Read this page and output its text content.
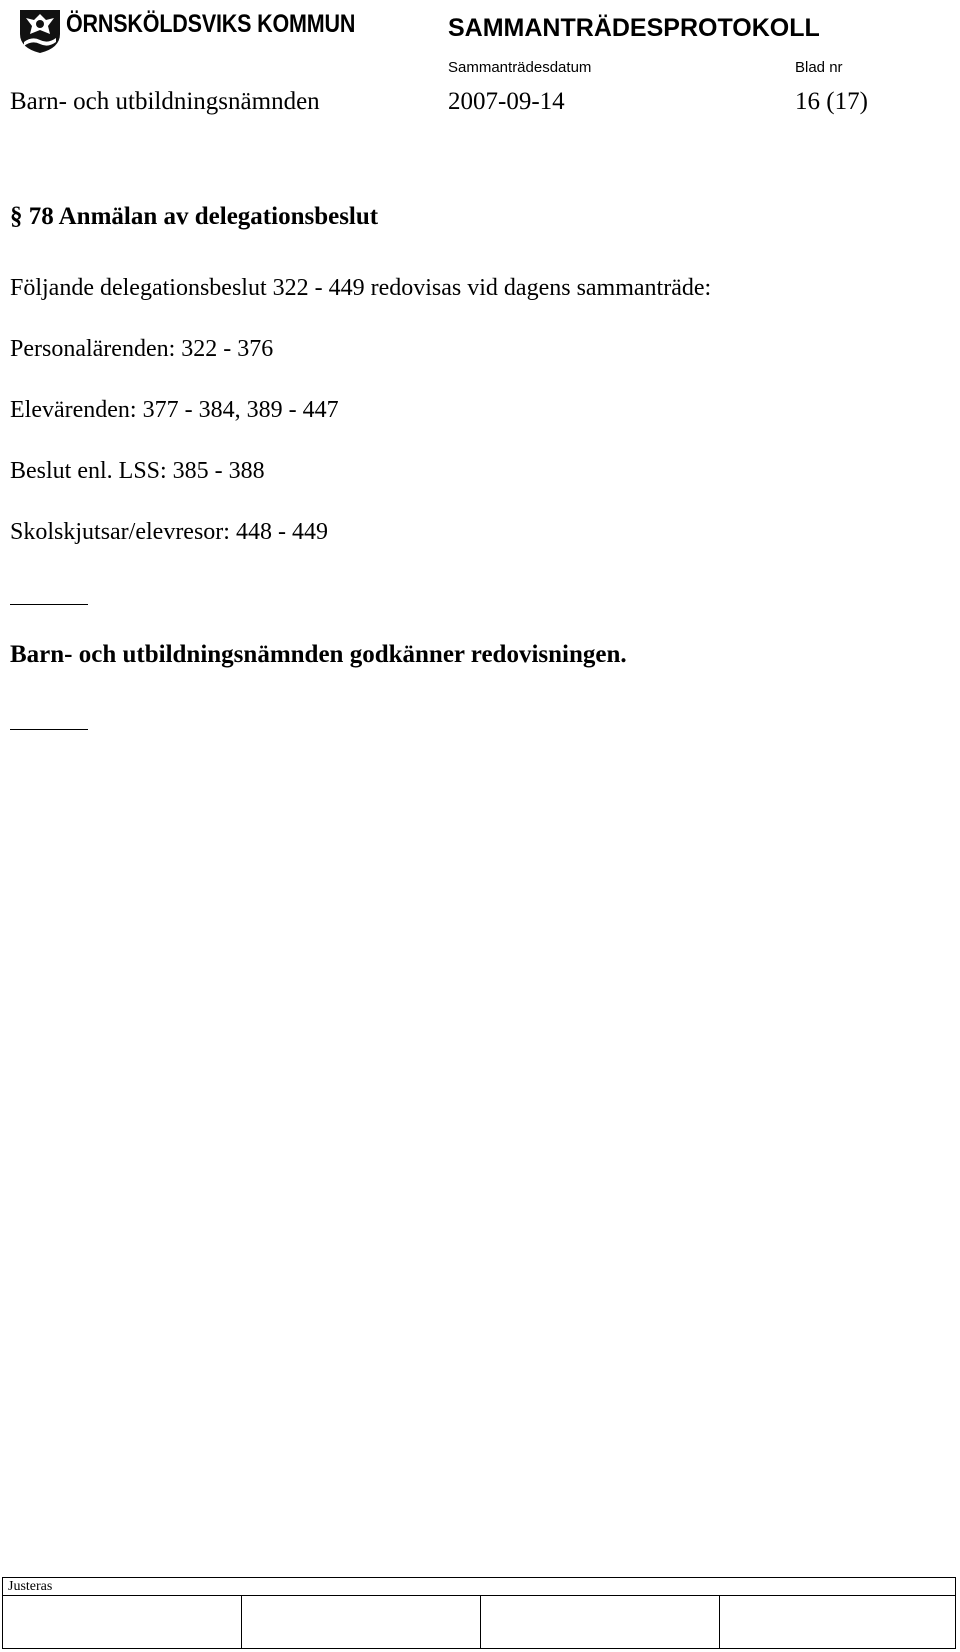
ÖRNSKÖLDSVIKS KOMMUN	SAMMANTRÄDESPROTOKOLL
Sammanträdesdatum	Blad nr
Barn- och utbildningsnämnden	2007-09-14	16 (17)
§ 78 Anmälan av delegationsbeslut
Följande delegationsbeslut 322 - 449 redovisas vid dagens sammanträde:
Personalärenden: 322 - 376
Elevärenden: 377 - 384, 389 - 447
Beslut enl. LSS: 385 - 388
Skolskjutsar/elevresor: 448 - 449
Barn- och utbildningsnämnden godkänner redovisningen.
Justeras
